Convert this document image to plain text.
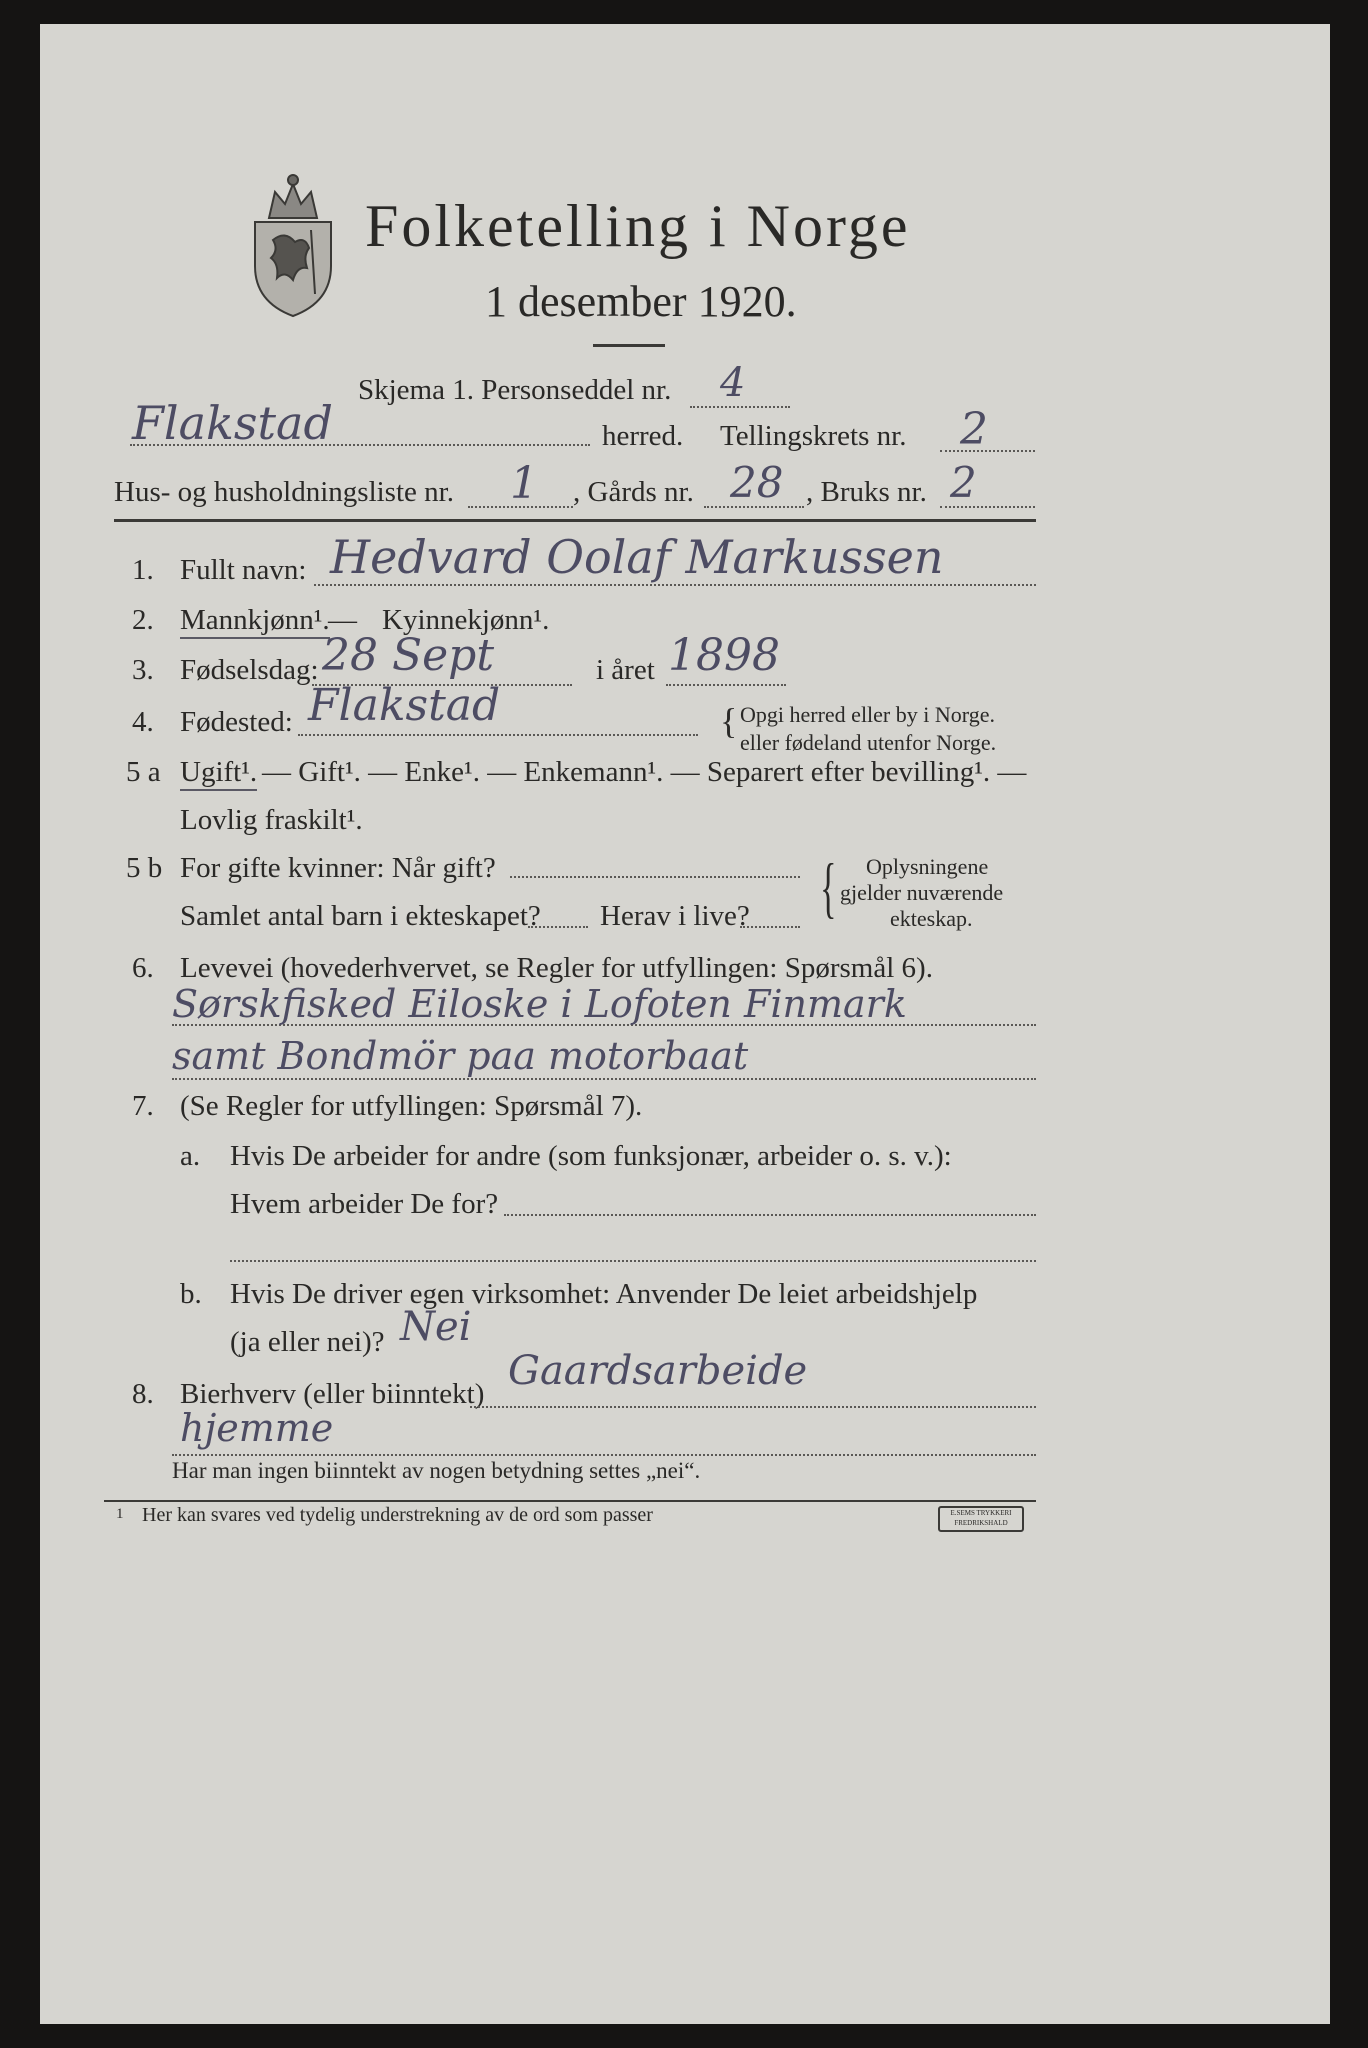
Folketelling i Norge
1 desember 1920.
Skjema 1. Personseddel nr. 4
Flakstad	herred. Tellingskrets nr. 2
Hus- og husholdningsliste nr. 1 , Gårds nr. 28 , Bruks nr. 2
1. Fullt navn: Hedvard Oolaf Markussen
2. Mannkjønn¹.
— Kyinnekjønn¹.
3. Fødselsdag: 28 Sept	i året 1898
4. Fødested: Flakstad	{ Opgi herred eller by i Norge.
eller fødeland utenfor Norge.
5 a Ugift¹. — Gift¹. — Enke¹. — Enkemann¹. — Separert efter bevilling¹. —
Lovlig fraskilt¹.
5 b For gifte kvinner: Når gift?
Samlet antal barn i ekteskapet? Herav i live? { Oplysningene
gjelder nuværende
ekteskap.
6. Levevei (hovederhvervet, se Regler for utfyllingen: Spørsmål 6).
Sørskfisked Eiloske i Lofoten Finmark
samt Bondmör paa motorbaat
7. (Se Regler for utfyllingen: Spørsmål 7).
a. Hvis De arbeider for andre (som funksjonær, arbeider o. s. v.):
Hvem arbeider De for?
b. Hvis De driver egen virksomhet: Anvender De leiet arbeidshjelp
(ja eller nei)? Nei
8. Bierhverv (eller biinntekt) Gaardsarbeide
hjemme
Har man ingen biinntekt av nogen betydning settes „nei“.
1 Her kan svares ved tydelig understrekning av de ord som passer	E.SEMS TRYKKERI
FREDRIKSHALD
